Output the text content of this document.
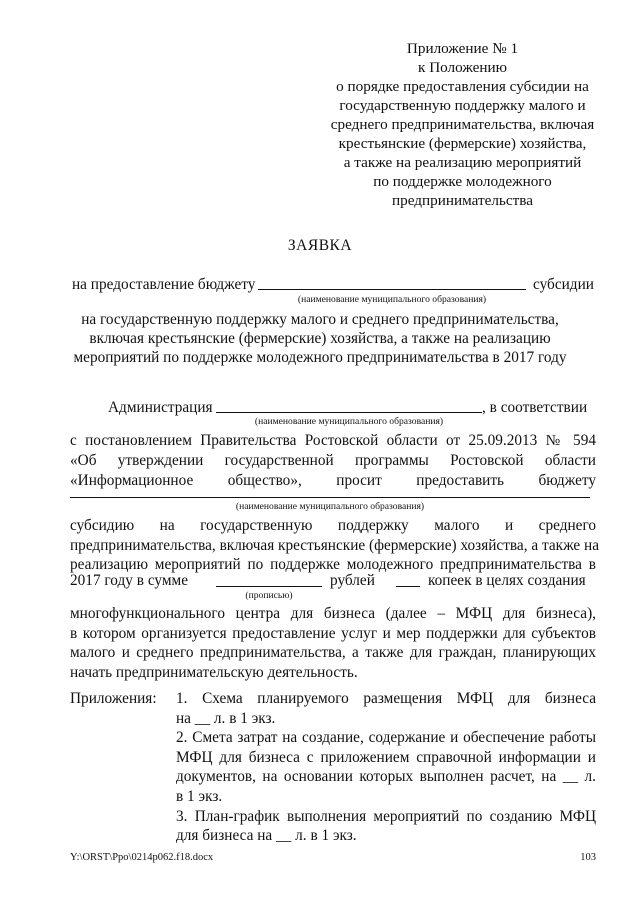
Приложение № 1
к Положению
о порядке предоставления субсидии на
государственную поддержку малого и
среднего предпринимательства, включая
крестьянские (фермерские) хозяйства,
а также на реализацию мероприятий
по поддержке молодежного
предпринимательства
ЗАЯВКА
на предоставление бюджету	субсидии
(наименование муниципального образования)
на государственную поддержку малого и среднего предпринимательства,
включая крестьянские (фермерские) хозяйства, а также на реализацию
мероприятий по поддержке молодежного предпринимательства в 2017 году
Администрация	, в соответствии
(наименование муниципального образования)
с постановлением Правительства Ростовской области от 25.09.2013 № 594
«Об утверждении государственной программы Ростовской области
«Информационное общество», просит предоставить бюджету
(наименование муниципального образования)
субсидию на государственную поддержку малого и среднего
предпринимательства, включая крестьянские (фермерские) хозяйства, а также на
реализацию мероприятий по поддержке молодежного предпринимательства в
2017 году в сумме	рублей	копеек в целях создания
(прописью)
многофункционального центра для бизнеса (далее – МФЦ для бизнеса),
в котором организуется предоставление услуг и мер поддержки для субъектов
малого и среднего предпринимательства, а также для граждан, планирующих
начать предпринимательскую деятельность.
Приложения: 1. Схема планируемого размещения МФЦ для бизнеса
на __ л. в 1 экз.
2. Смета затрат на создание, содержание и обеспечение работы
МФЦ для бизнеса с приложением справочной информации и
документов, на основании которых выполнен расчет, на __ л.
в 1 экз.
3. План-график выполнения мероприятий по созданию МФЦ
для бизнеса на __ л. в 1 экз.
Y:\ORST\Ppo\0214p062.f18.docx	103
